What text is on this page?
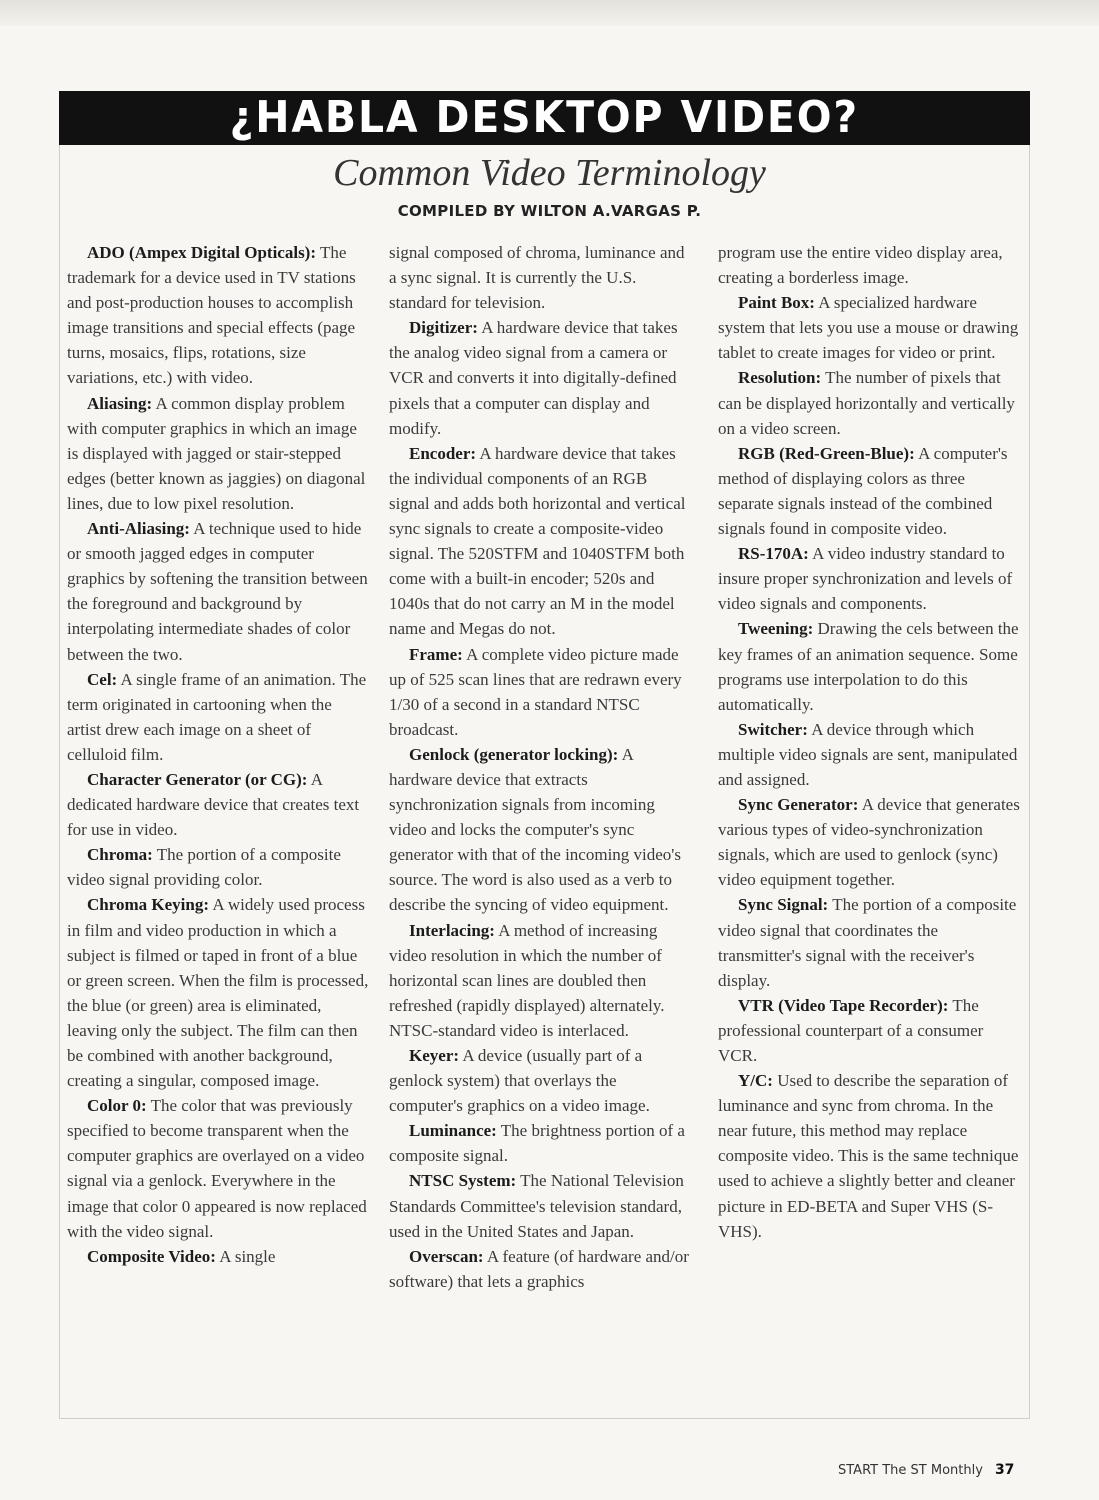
¿HABLA DESKTOP VIDEO?
Common Video Terminology
COMPILED BY WILTON A.VARGAS P.

ADO (Ampex Digital Opticals): The trademark for a device used in TV stations and post-production houses to accomplish image transitions and special effects (page turns, mosaics, flips, rotations, size variations, etc.) with video.

Aliasing: A common display problem with computer graphics in which an image is displayed with jagged or stair-stepped edges (better known as jaggies) on diagonal lines, due to low pixel resolution.

Anti-Aliasing: A technique used to hide or smooth jagged edges in computer graphics by softening the transition between the foreground and background by interpolating intermediate shades of color between the two.

Cel: A single frame of an animation. The term originated in cartooning when the artist drew each image on a sheet of celluloid film.

Character Generator (or CG): A dedicated hardware device that creates text for use in video.

Chroma: The portion of a composite video signal providing color.

Chroma Keying: A widely used process in film and video production in which a subject is filmed or taped in front of a blue or green screen. When the film is processed, the blue (or green) area is eliminated, leaving only the subject. The film can then be combined with another background, creating a singular, composed image.

Color 0: The color that was previously specified to become transparent when the computer graphics are overlayed on a video signal via a genlock. Everywhere in the image that color 0 appeared is now replaced with the video signal.

Composite Video: A single

signal composed of chroma, luminance and a sync signal. It is currently the U.S. standard for television.

Digitizer: A hardware device that takes the analog video signal from a camera or VCR and converts it into digitally-defined pixels that a computer can display and modify.

Encoder: A hardware device that takes the individual components of an RGB signal and adds both horizontal and vertical sync signals to create a composite-video signal. The 520STFM and 1040STFM both come with a built-in encoder; 520s and 1040s that do not carry an M in the model name and Megas do not.

Frame: A complete video picture made up of 525 scan lines that are redrawn every 1/30 of a second in a standard NTSC broadcast.

Genlock (generator locking): A hardware device that extracts synchronization signals from incoming video and locks the computer's sync generator with that of the incoming video's source. The word is also used as a verb to describe the syncing of video equipment.

Interlacing: A method of increasing video resolution in which the number of horizontal scan lines are doubled then refreshed (rapidly displayed) alternately. NTSC-standard video is interlaced.

Keyer: A device (usually part of a genlock system) that overlays the computer's graphics on a video image.

Luminance: The brightness portion of a composite signal.

NTSC System: The National Television Standards Committee's television standard, used in the United States and Japan.

Overscan: A feature (of hardware and/or software) that lets a graphics

program use the entire video display area, creating a borderless image.

Paint Box: A specialized hardware system that lets you use a mouse or drawing tablet to create images for video or print.

Resolution: The number of pixels that can be displayed horizontally and vertically on a video screen.

RGB (Red-Green-Blue): A computer's method of displaying colors as three separate signals instead of the combined signals found in composite video.

RS-170A: A video industry standard to insure proper synchronization and levels of video signals and components.

Tweening: Drawing the cels between the key frames of an animation sequence. Some programs use interpolation to do this automatically.

Switcher: A device through which multiple video signals are sent, manipulated and assigned.

Sync Generator: A device that generates various types of video-synchronization signals, which are used to genlock (sync) video equipment together.

Sync Signal: The portion of a composite video signal that coordinates the transmitter's signal with the receiver's display.

VTR (Video Tape Recorder): The professional counterpart of a consumer VCR.

Y/C: Used to describe the separation of luminance and sync from chroma. In the near future, this method may replace composite video. This is the same technique used to achieve a slightly better and cleaner picture in ED-BETA and Super VHS (S-VHS).

START The ST Monthly 37
